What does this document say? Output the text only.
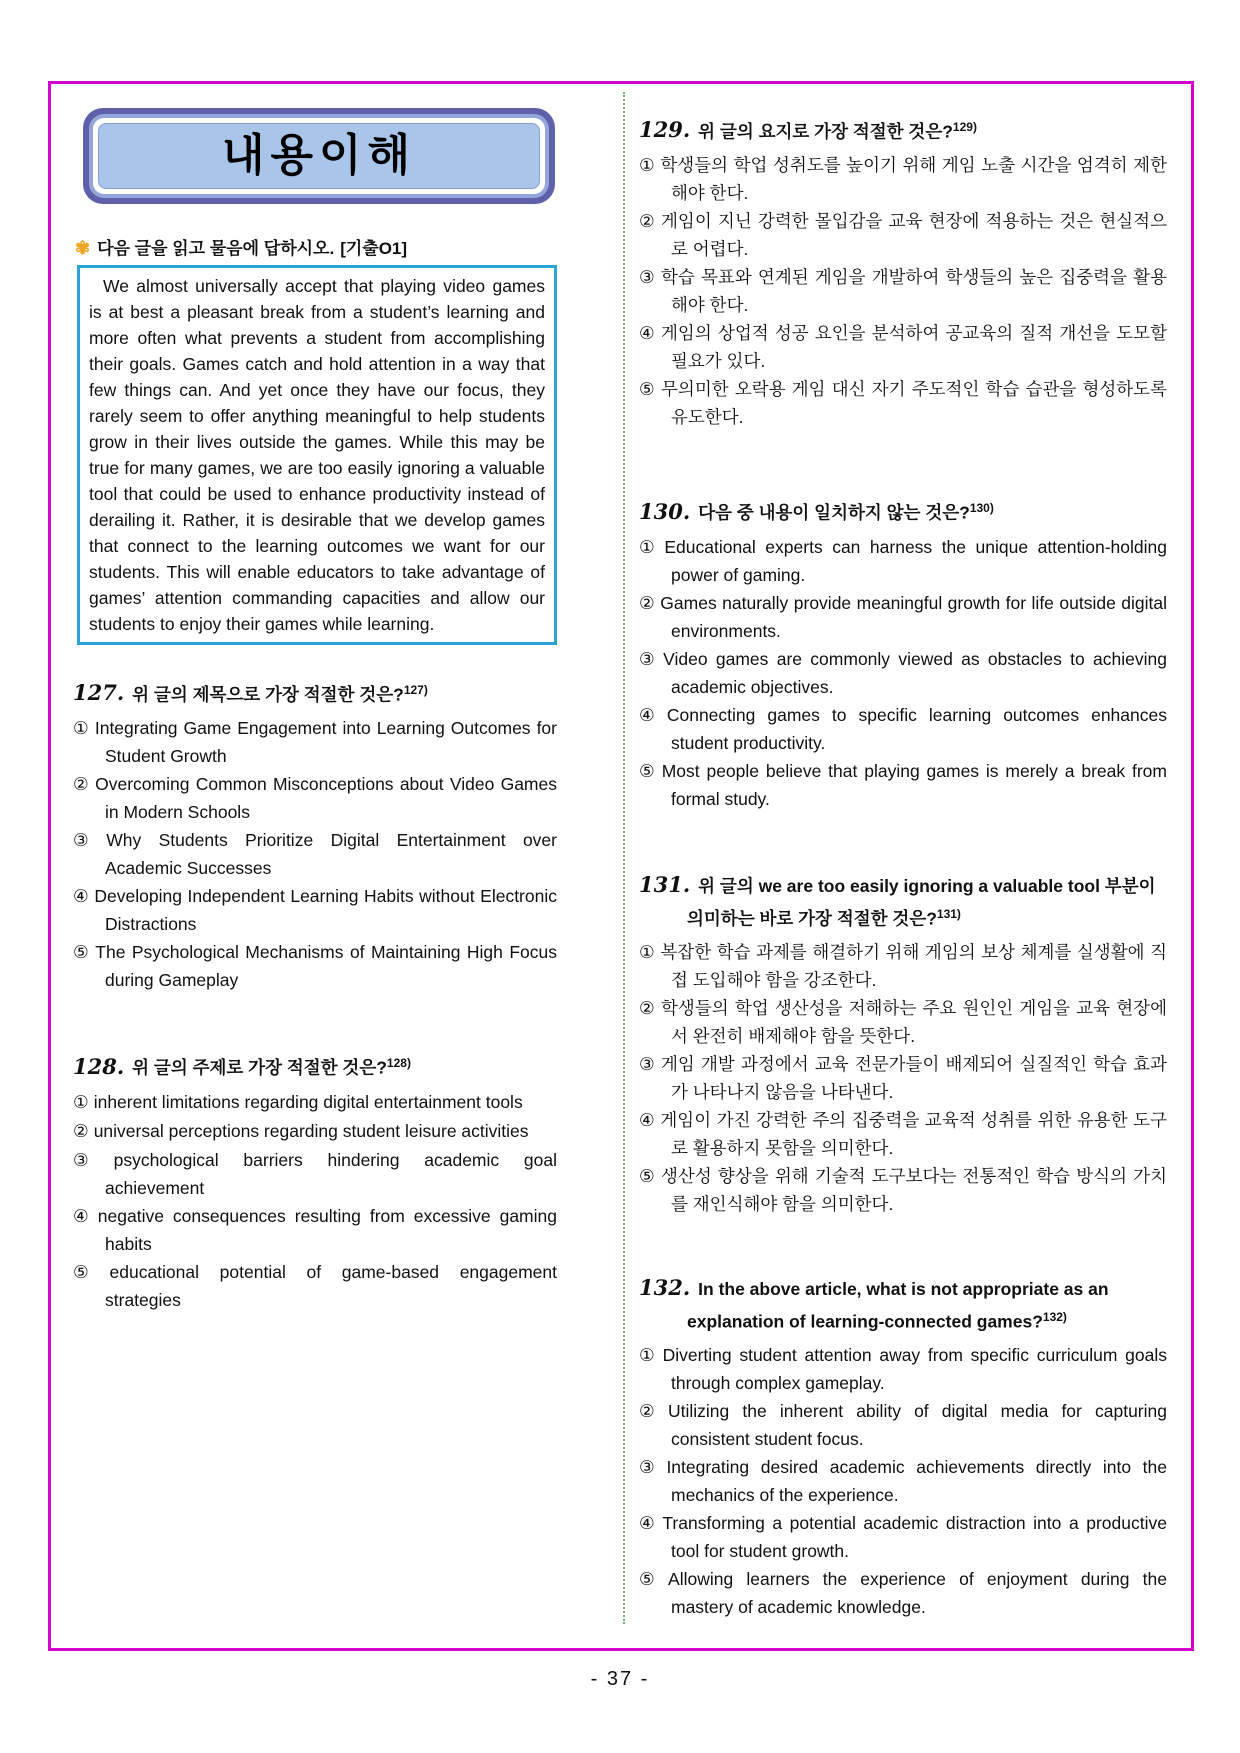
내용이해
✾ 다음 글을 읽고 물음에 답하시오. [기출O1]
We almost universally accept that playing video games is at best a pleasant break from a student’s learning and more often what prevents a student from accomplishing their goals. Games catch and hold attention in a way that few things can. And yet once they have our focus, they rarely seem to offer anything meaningful to help students grow in their lives outside the games. While this may be true for many games, we are too easily ignoring a valuable tool that could be used to enhance productivity instead of derailing it. Rather, it is desirable that we develop games that connect to the learning outcomes we want for our students. This will enable educators to take advantage of games’ attention commanding capacities and allow our students to enjoy their games while learning.
127. 위 글의 제목으로 가장 적절한 것은?$^{127)}$
① Integrating Game Engagement into Learning Outcomes for Student Growth
② Overcoming Common Misconceptions about Video Games in Modern Schools
③ Why Students Prioritize Digital Entertainment over Academic Successes
④ Developing Independent Learning Habits without Electronic Distractions
⑤ The Psychological Mechanisms of Maintaining High Focus during Gameplay
128. 위 글의 주제로 가장 적절한 것은?$^{128)}$
① inherent limitations regarding digital entertainment tools
② universal perceptions regarding student leisure activities
③ psychological barriers hindering academic goal achievement
④ negative consequences resulting from excessive gaming habits
⑤ educational potential of game-based engagement strategies
129. 위 글의 요지로 가장 적절한 것은?$^{129)}$
① 학생들의 학업 성취도를 높이기 위해 게임 노출 시간을 엄격히 제한해야 한다.
② 게임이 지닌 강력한 몰입감을 교육 현장에 적용하는 것은 현실적으로 어렵다.
③ 학습 목표와 연계된 게임을 개발하여 학생들의 높은 집중력을 활용해야 한다.
④ 게임의 상업적 성공 요인을 분석하여 공교육의 질적 개선을 도모할 필요가 있다.
⑤ 무의미한 오락용 게임 대신 자기 주도적인 학습 습관을 형성하도록 유도한다.
130. 다음 중 내용이 일치하지 않는 것은?$^{130)}$
① Educational experts can harness the unique attention-holding power of gaming.
② Games naturally provide meaningful growth for life outside digital environments.
③ Video games are commonly viewed as obstacles to achieving academic objectives.
④ Connecting games to specific learning outcomes enhances student productivity.
⑤ Most people believe that playing games is merely a break from formal study.
131. 위 글의 we are too easily ignoring a valuable tool 부분이 의미하는 바로 가장 적절한 것은?$^{131)}$
① 복잡한 학습 과제를 해결하기 위해 게임의 보상 체계를 실생활에 직접 도입해야 함을 강조한다.
② 학생들의 학업 생산성을 저해하는 주요 원인인 게임을 교육 현장에서 완전히 배제해야 함을 뜻한다.
③ 게임 개발 과정에서 교육 전문가들이 배제되어 실질적인 학습 효과가 나타나지 않음을 나타낸다.
④ 게임이 가진 강력한 주의 집중력을 교육적 성취를 위한 유용한 도구로 활용하지 못함을 의미한다.
⑤ 생산성 향상을 위해 기술적 도구보다는 전통적인 학습 방식의 가치를 재인식해야 함을 의미한다.
132. In the above article, what is not appropriate as an explanation of learning-connected games?$^{132)}$
① Diverting student attention away from specific curriculum goals through complex gameplay.
② Utilizing the inherent ability of digital media for capturing consistent student focus.
③ Integrating desired academic achievements directly into the mechanics of the experience.
④ Transforming a potential academic distraction into a productive tool for student growth.
⑤ Allowing learners the experience of enjoyment during the mastery of academic knowledge.
- 37 -
